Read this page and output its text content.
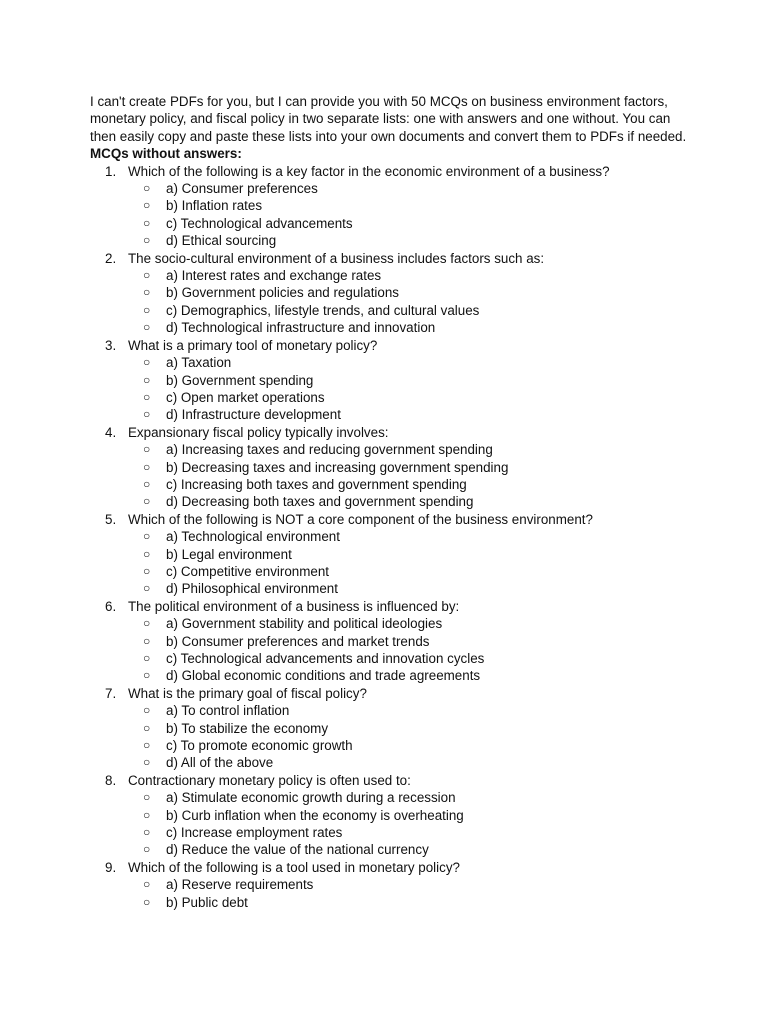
I can't create PDFs for you, but I can provide you with 50 MCQs on business environment factors, monetary policy, and fiscal policy in two separate lists: one with answers and one without. You can then easily copy and paste these lists into your own documents and convert them to PDFs if needed.

MCQs without answers:

1. Which of the following is a key factor in the economic environment of a business?
○ a) Consumer preferences
○ b) Inflation rates
○ c) Technological advancements
○ d) Ethical sourcing
2. The socio-cultural environment of a business includes factors such as:
○ a) Interest rates and exchange rates
○ b) Government policies and regulations
○ c) Demographics, lifestyle trends, and cultural values
○ d) Technological infrastructure and innovation
3. What is a primary tool of monetary policy?
○ a) Taxation
○ b) Government spending
○ c) Open market operations
○ d) Infrastructure development
4. Expansionary fiscal policy typically involves:
○ a) Increasing taxes and reducing government spending
○ b) Decreasing taxes and increasing government spending
○ c) Increasing both taxes and government spending
○ d) Decreasing both taxes and government spending
5. Which of the following is NOT a core component of the business environment?
○ a) Technological environment
○ b) Legal environment
○ c) Competitive environment
○ d) Philosophical environment
6. The political environment of a business is influenced by:
○ a) Government stability and political ideologies
○ b) Consumer preferences and market trends
○ c) Technological advancements and innovation cycles
○ d) Global economic conditions and trade agreements
7. What is the primary goal of fiscal policy?
○ a) To control inflation
○ b) To stabilize the economy
○ c) To promote economic growth
○ d) All of the above
8. Contractionary monetary policy is often used to:
○ a) Stimulate economic growth during a recession
○ b) Curb inflation when the economy is overheating
○ c) Increase employment rates
○ d) Reduce the value of the national currency
9. Which of the following is a tool used in monetary policy?
○ a) Reserve requirements
○ b) Public debt
